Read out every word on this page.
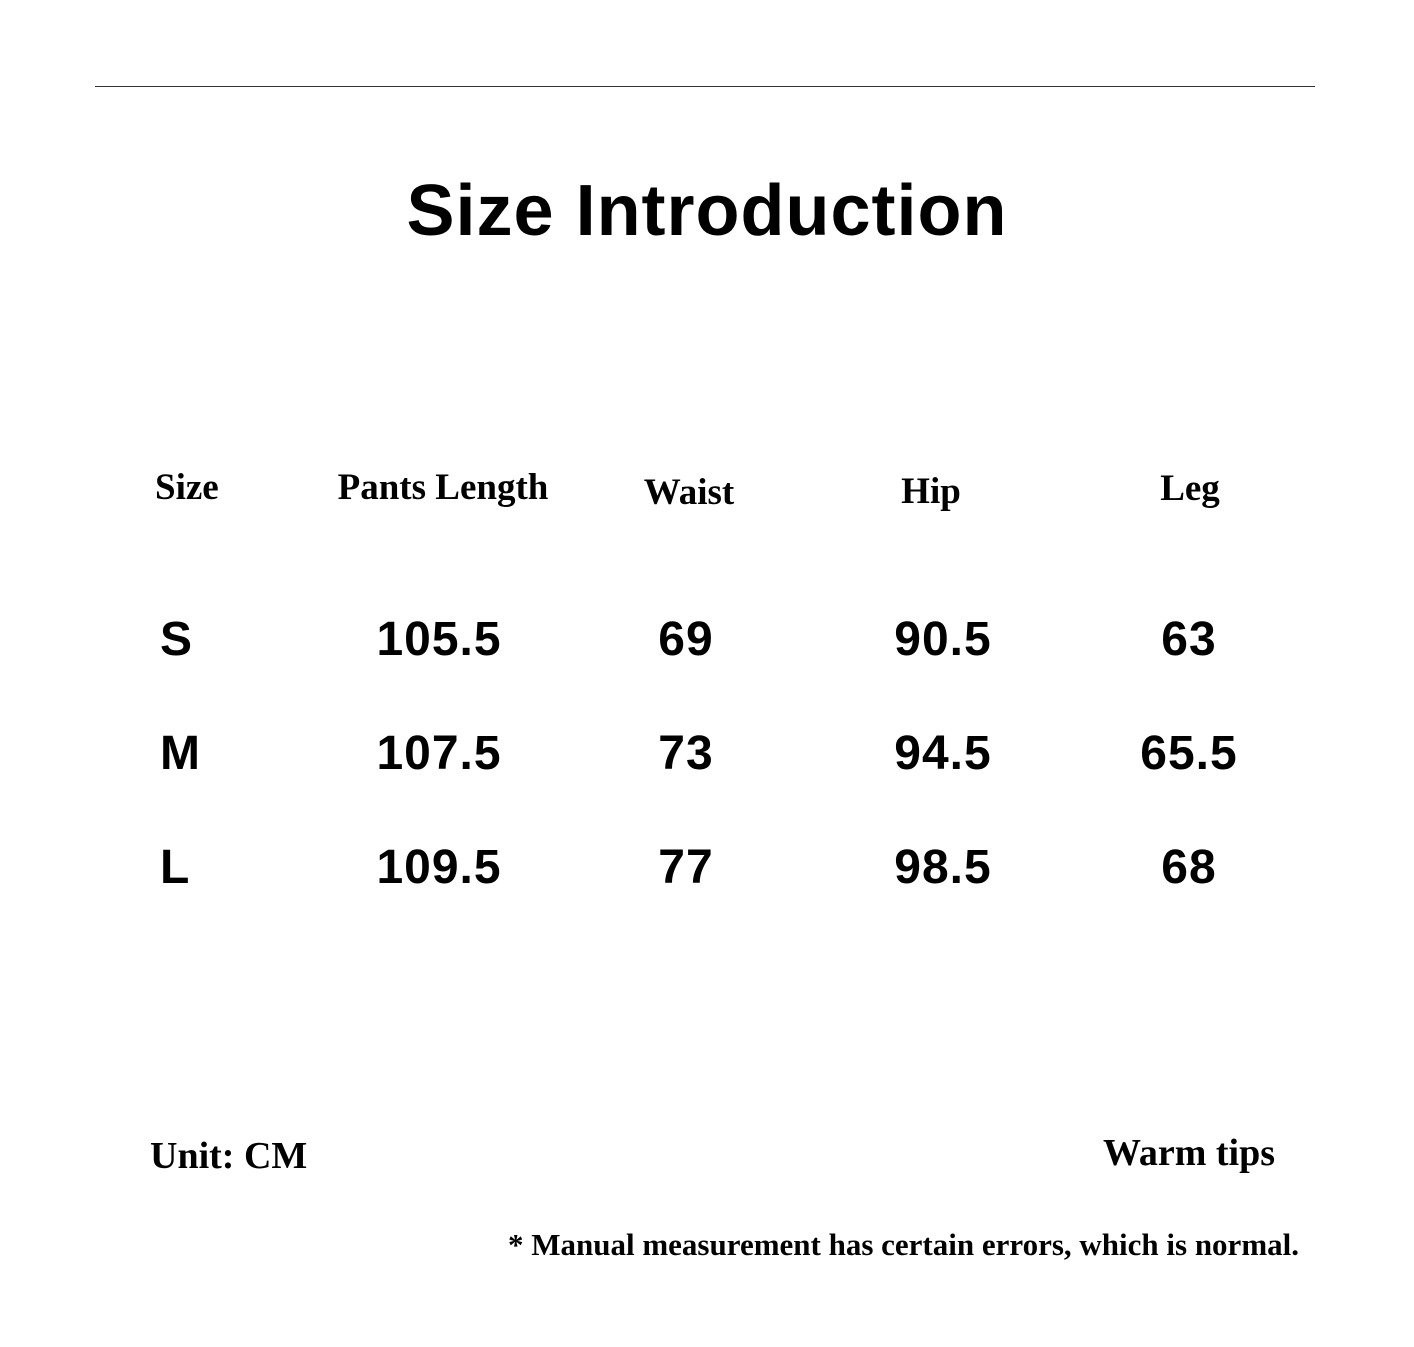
Size Introduction
Size	Pants Length	Waist	Hip	Leg
S	105.5	69	90.5	63
M	107.5	73	94.5	65.5
L	109.5	77	98.5	68
Unit: CM	Warm tips
* Manual measurement has certain errors, which is normal.
